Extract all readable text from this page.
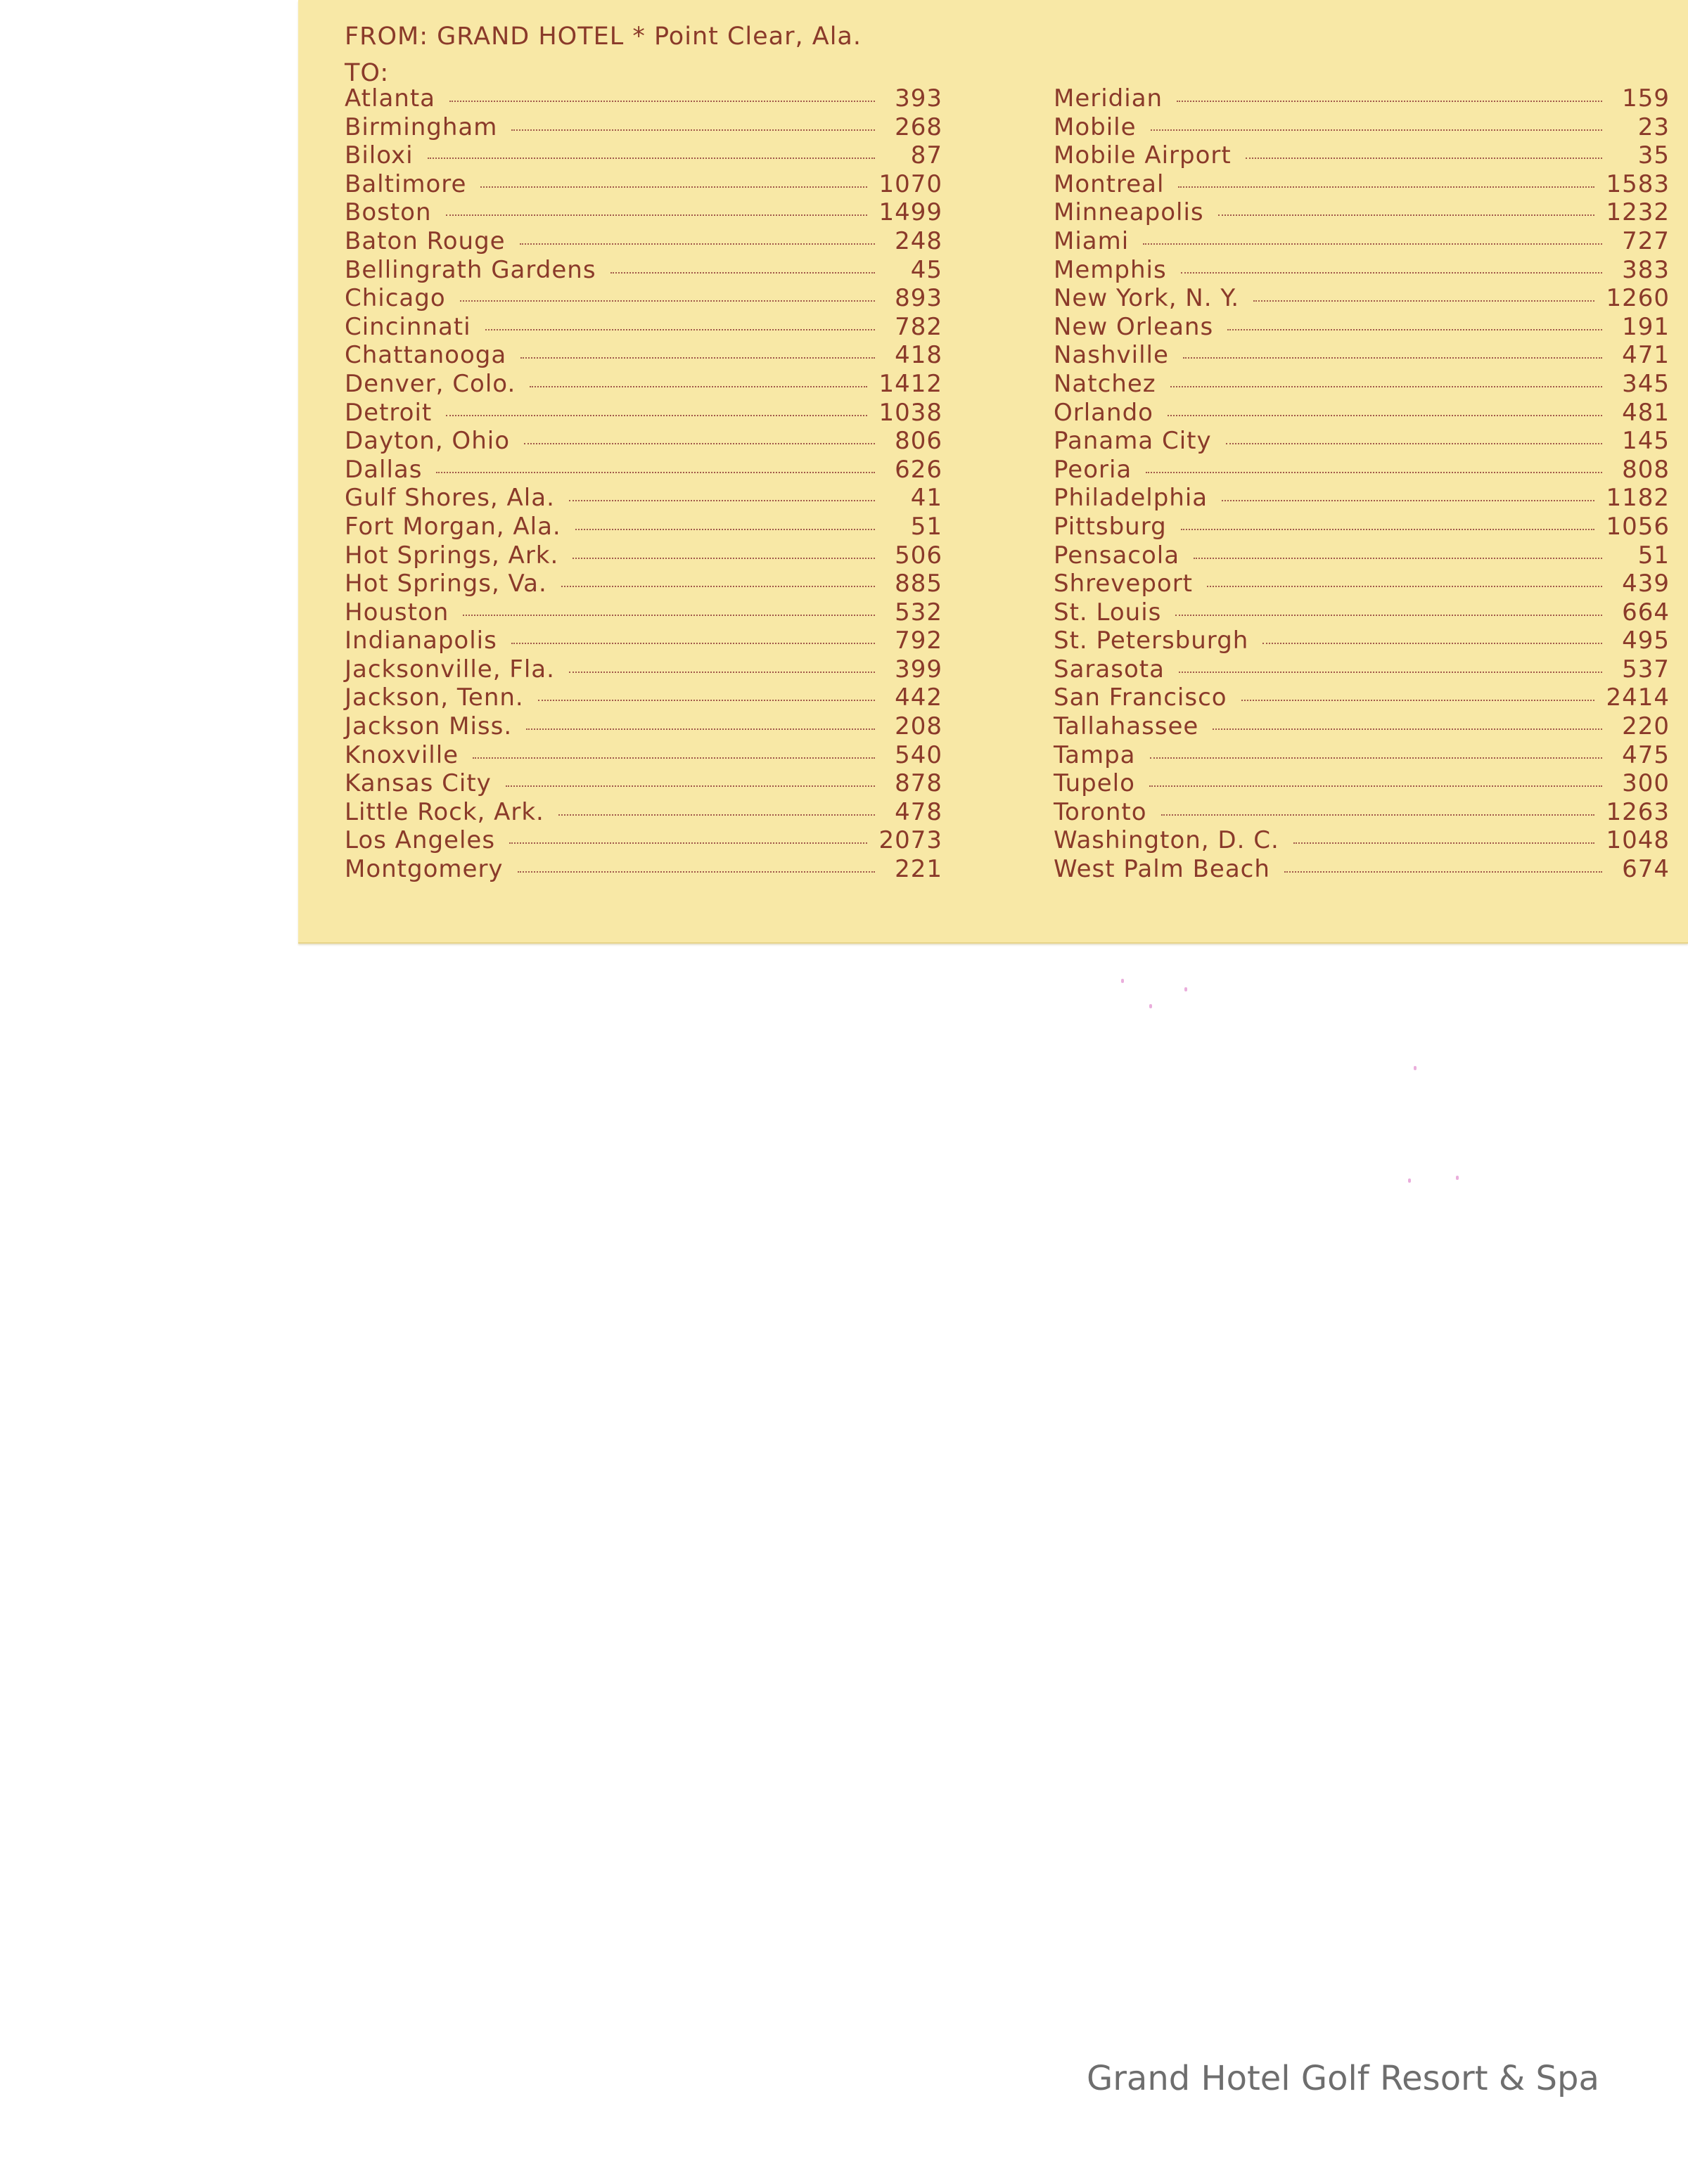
FROM: GRAND HOTEL * Point Clear, Ala.
TO:
Atlanta	393
Birmingham	268
Biloxi	87
Baltimore	1070
Boston	1499
Baton Rouge	248
Bellingrath Gardens	45
Chicago	893
Cincinnati	782
Chattanooga	418
Denver, Colo.	1412
Detroit	1038
Dayton, Ohio	806
Dallas	626
Gulf Shores, Ala.	41
Fort Morgan, Ala.	51
Hot Springs, Ark.	506
Hot Springs, Va.	885
Houston	532
Indianapolis	792
Jacksonville, Fla.	399
Jackson, Tenn.	442
Jackson Miss.	208
Knoxville	540
Kansas City	878
Little Rock, Ark.	478
Los Angeles	2073
Montgomery	221
Meridian	159
Mobile	23
Mobile Airport	35
Montreal	1583
Minneapolis	1232
Miami	727
Memphis	383
New York, N. Y.	1260
New Orleans	191
Nashville	471
Natchez	345
Orlando	481
Panama City	145
Peoria	808
Philadelphia	1182
Pittsburg	1056
Pensacola	51
Shreveport	439
St. Louis	664
St. Petersburgh	495
Sarasota	537
San Francisco	2414
Tallahassee	220
Tampa	475
Tupelo	300
Toronto	1263
Washington, D. C.	1048
West Palm Beach	674
Grand Hotel Golf Resort & Spa
